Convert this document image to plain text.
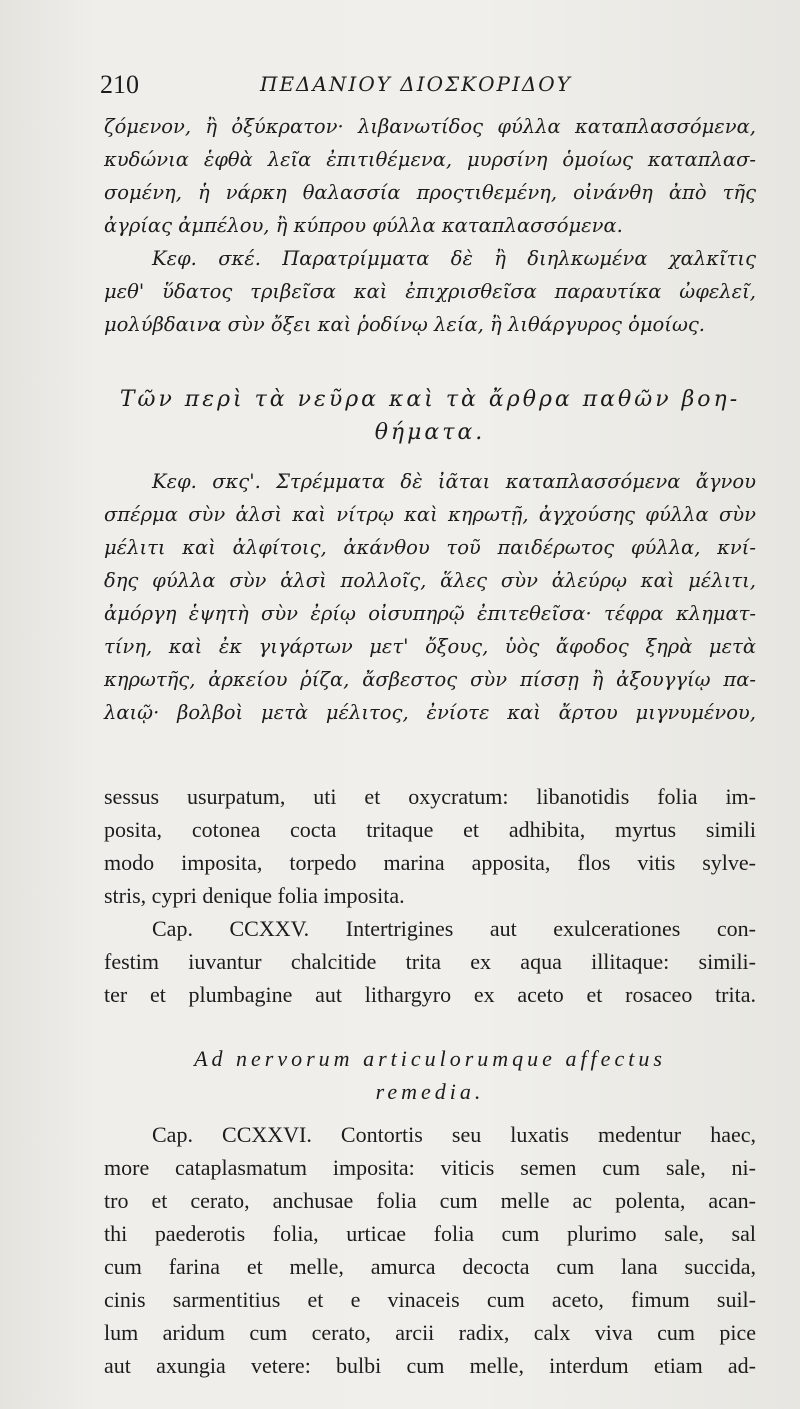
210	ΠΕΔΑΝΙΟΥ ΔΙΟΣΚΟΡΙΔΟΥ
ζόμενον, ἢ ὀξύκρατον· λιβανωτίδος φύλλα καταπλασσόμενα,
κυδώνια ἑφθὰ λεῖα ἐπιτιθέμενα, μυρσίνη ὁμοίως καταπλασ-
σομένη, ἡ νάρκη θαλασσία προςτιθεμένη, οἰνάνθη ἀπὸ τῆς
ἀγρίας ἀμπέλου, ἢ κύπρου φύλλα καταπλασσόμενα.
Κεφ. σκέ. Παρατρίμματα δὲ ἢ διηλκωμένα χαλκῖτις
μεθ' ὕδατος τριβεῖσα καὶ ἐπιχρισθεῖσα παραυτίκα ὠφελεῖ,
μολύβδαινα σὺν ὄξει καὶ ῥοδίνῳ λεία, ἢ λιθάργυρος ὁμοίως.
Τῶν περὶ τὰ νεῦρα καὶ τὰ ἄρθρα παθῶν βοη-
θήματα.
Κεφ. σκς'. Στρέμματα δὲ ἰᾶται καταπλασσόμενα ἄγνου
σπέρμα σὺν ἁλσὶ καὶ νίτρῳ καὶ κηρωτῇ, ἀγχούσης φύλλα σὺν
μέλιτι καὶ ἀλφίτοις, ἀκάνθου τοῦ παιδέρωτος φύλλα, κνί-
δης φύλλα σὺν ἁλσὶ πολλοῖς, ἅλες σὺν ἀλεύρῳ καὶ μέλιτι,
ἀμόργη ἑψητὴ σὺν ἐρίῳ οἰσυπηρῷ ἐπιτεθεῖσα· τέφρα κληματ-
τίνη, καὶ ἐκ γιγάρτων μετ' ὄξους, ὑὸς ἄφοδος ξηρὰ μετὰ
κηρωτῆς, ἀρκείου ῥίζα, ἄσβεστος σὺν πίσσῃ ἢ ἀξουγγίῳ πα-
λαιῷ· βολβοὶ μετὰ μέλιτος, ἐνίοτε καὶ ἄρτου μιγνυμένου,
sessus usurpatum, uti et oxycratum: libanotidis folia im-
posita, cotonea cocta tritaque et adhibita, myrtus simili
modo imposita, torpedo marina apposita, flos vitis sylve-
stris, cypri denique folia imposita.
Cap. CCXXV. Intertrigines aut exulcerationes con-
festim iuvantur chalcitide trita ex aqua illitaque: simili-
ter et plumbagine aut lithargyro ex aceto et rosaceo trita.
Ad nervorum articulorumque affectus
remedia.
Cap. CCXXVI. Contortis seu luxatis medentur haec,
more cataplasmatum imposita: viticis semen cum sale, ni-
tro et cerato, anchusae folia cum melle ac polenta, acan-
thi paederotis folia, urticae folia cum plurimo sale, sal
cum farina et melle, amurca decocta cum lana succida,
cinis sarmentitius et e vinaceis cum aceto, fimum suil-
lum aridum cum cerato, arcii radix, calx viva cum pice
aut axungia vetere: bulbi cum melle, interdum etiam ad-
